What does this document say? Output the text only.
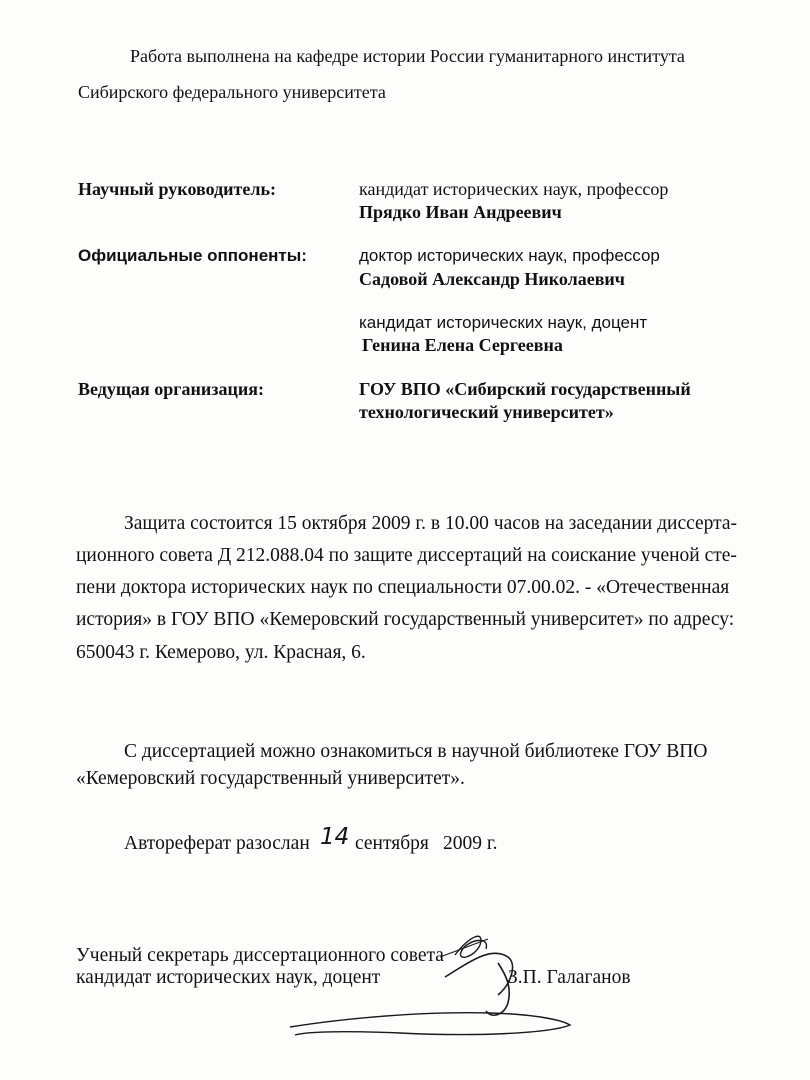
Работа выполнена на кафедре истории России гуманитарного института
Сибирского федерального университета
Научный руководитель:	кандидат исторических наук, профессор
Прядко Иван Андреевич
Официальные оппоненты:	доктор исторических наук, профессор
Садовой Александр Николаевич
кандидат исторических наук, доцент
Генина Елена Сергеевна
Ведущая организация:	ГОУ ВПО «Сибирский государственный
технологический университет»
Защита состоится 15 октября 2009 г. в 10.00 часов на заседании диссерта-
ционного совета Д 212.088.04 по защите диссертаций на соискание ученой сте-
пени доктора исторических наук по специальности 07.00.02. - «Отечественная
история» в ГОУ ВПО «Кемеровский государственный университет» по адресу:
650043 г. Кемерово, ул. Красная, 6.
С диссертацией можно ознакомиться в научной библиотеке ГОУ ВПО
«Кемеровский государственный университет».
Автореферат разослан 14 сентября 2009 г.
Ученый секретарь диссертационного совета
кандидат исторических наук, доцент	З.П. Галаганов
